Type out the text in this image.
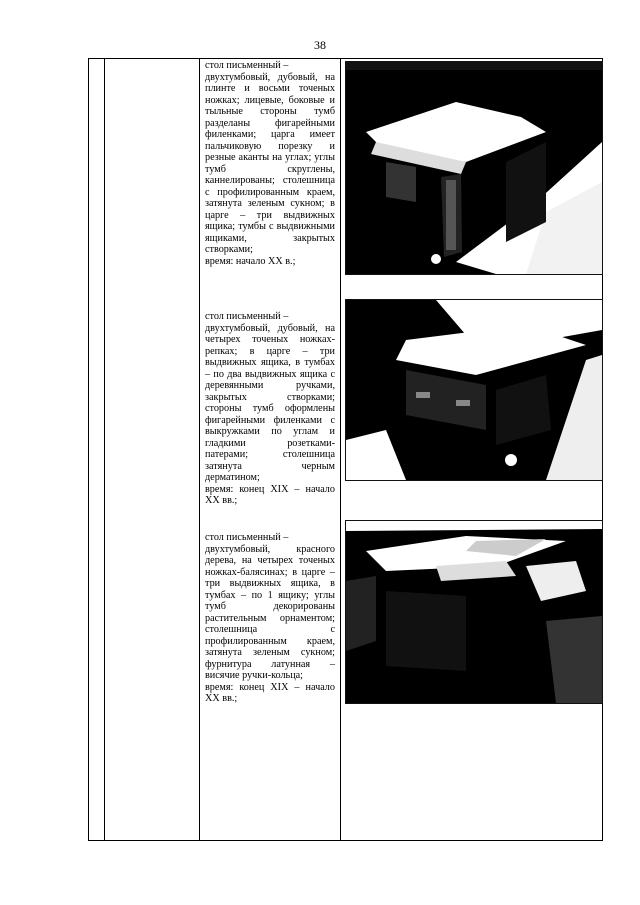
38
стол письменный –
двухтумбовый, дубовый, на плинте и восьми точеных ножках; лицевые, боковые и тыльные стороны тумб разделаны фигарейными филенками; царга имеет пальчиковую порезку и резные аканты на углах; углы тумб скруглены, каннелированы; столешница с профилированным краем, затянута зеленым сукном; в царге – три выдвижных ящика; тумбы с выдвижными ящиками, закрытых створками;
время: начало XX в.;
стол письменный –
двухтумбовый, дубовый, на четырех точеных ножках-репках; в царге – три выдвижных ящика, в тумбах – по два выдвижных ящика с деревянными ручками, закрытых створками; стороны тумб оформлены фигарейными филенками с выкружками по углам и гладкими розетками-патерами; столешница затянута черным дерматином;
время: конец XIX – начало XX вв.;
стол письменный –
двухтумбовый, красного дерева, на четырех точеных ножках-балясинах; в царге – три выдвижных ящика, в тумбах – по 1 ящику; углы тумб декорированы растительным орнаментом; столешница с профилированным краем, затянута зеленым сукном; фурнитура латунная – висячие ручки-кольца;
время: конец XIX – начало XX вв.;
